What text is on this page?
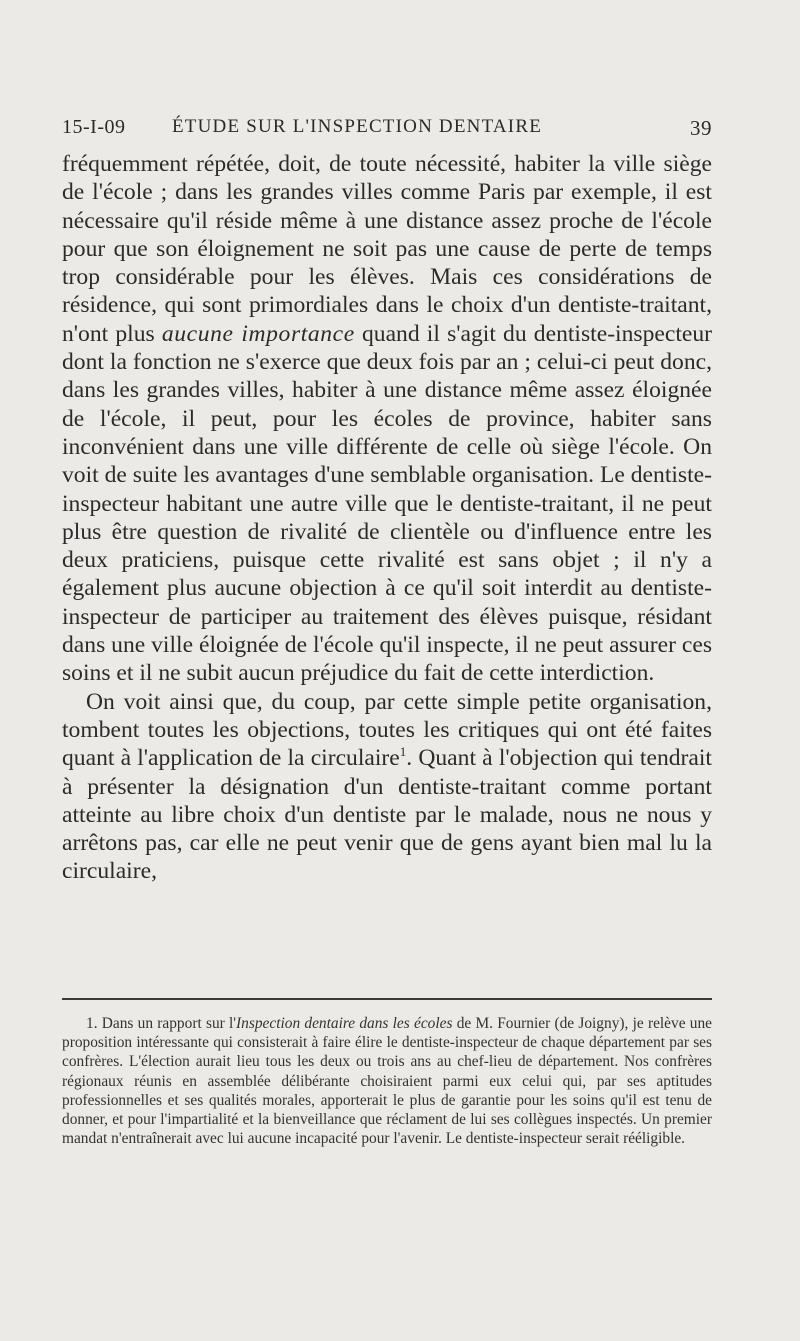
15-I-09 ÉTUDE SUR L'INSPECTION DENTAIRE	39

fréquemment répétée, doit, de toute nécessité, habiter la ville siège de l'école ; dans les grandes villes comme Paris par exemple, il est nécessaire qu'il réside même à une distance assez proche de l'école pour que son éloignement ne soit pas une cause de perte de temps trop considérable pour les élèves. Mais ces considérations de résidence, qui sont primordiales dans le choix d'un dentiste-traitant, n'ont plus aucune importance quand il s'agit du dentiste-inspecteur dont la fonction ne s'exerce que deux fois par an ; celui-ci peut donc, dans les grandes villes, habiter à une distance même assez éloignée de l'école, il peut, pour les écoles de province, habiter sans inconvénient dans une ville différente de celle où siège l'école. On voit de suite les avantages d'une semblable organisation. Le dentiste-inspecteur habitant une autre ville que le dentiste-traitant, il ne peut plus être question de rivalité de clientèle ou d'influence entre les deux praticiens, puisque cette rivalité est sans objet ; il n'y a également plus aucune objection à ce qu'il soit interdit au dentiste-inspecteur de participer au traitement des élèves puisque, résidant dans une ville éloignée de l'école qu'il inspecte, il ne peut assurer ces soins et il ne subit aucun préjudice du fait de cette interdiction.

On voit ainsi que, du coup, par cette simple petite organisation, tombent toutes les objections, toutes les critiques qui ont été faites quant à l'application de la circulaire$^1$. Quant à l'objection qui tendrait à présenter la désignation d'un dentiste-traitant comme portant atteinte au libre choix d'un dentiste par le malade, nous ne nous y arrêtons pas, car elle ne peut venir que de gens ayant bien mal lu la circulaire,

1. Dans un rapport sur l'Inspection dentaire dans les écoles de M. Fournier (de Joigny), je relève une proposition intéressante qui consisterait à faire élire le dentiste-inspecteur de chaque département par ses confrères. L'élection aurait lieu tous les deux ou trois ans au chef-lieu de département. Nos confrères régionaux réunis en assemblée délibérante choisiraient parmi eux celui qui, par ses aptitudes professionnelles et ses qualités morales, apporterait le plus de garantie pour les soins qu'il est tenu de donner, et pour l'impartialité et la bienveillance que réclament de lui ses collègues inspectés. Un premier mandat n'entraînerait avec lui aucune incapacité pour l'avenir. Le dentiste-inspecteur serait rééligible.
